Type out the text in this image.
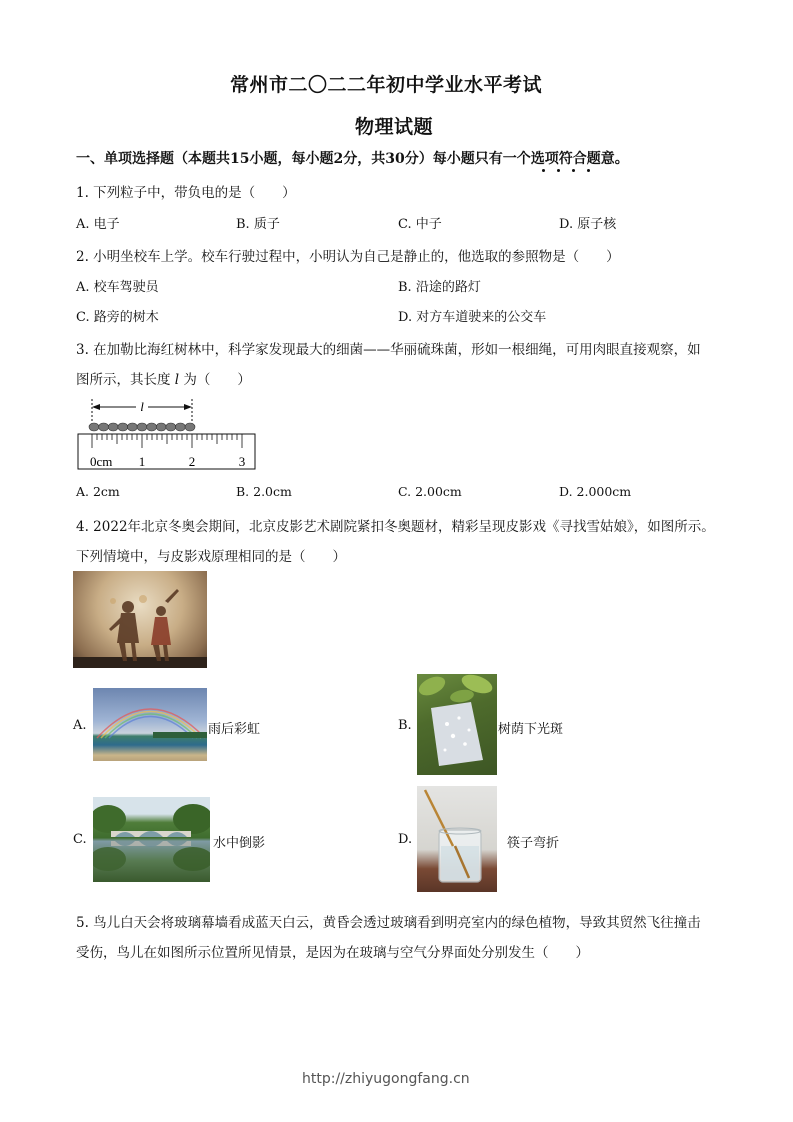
常州市二〇二二年初中学业水平考试
物理试题
一、单项选择题（本题共15小题，每小题2分，共30分）每小题只有一个选项符合题意。
1. 下列粒子中，带负电的是（　　）
A. 电子	B. 质子	C. 中子	D. 原子核
2. 小明坐校车上学。校车行驶过程中，小明认为自己是静止的，他选取的参照物是（　　）
A. 校车驾驶员	B. 沿途的路灯
C. 路旁的树木	D. 对方车道驶来的公交车
3. 在加勒比海红树林中，科学家发现最大的细菌——华丽硫珠菌，形如一根细绳，可用肉眼直接观察，如
图所示，其长度 l 为（　　）
l
0cm 1	2	3
A. 2cm	B. 2.0cm	C. 2.00cm	D. 2.000cm
4. 2022年北京冬奥会期间，北京皮影艺术剧院紧扣冬奥题材，精彩呈现皮影戏《寻找雪姑娘》，如图所示。
下列情境中，与皮影戏原理相同的是（　　）
A.	雨后彩虹	B.	树荫下光斑
C.	水中倒影	D.	筷子弯折
5. 鸟儿白天会将玻璃幕墙看成蓝天白云，黄昏会透过玻璃看到明亮室内的绿色植物，导致其贸然飞往撞击
受伤，鸟儿在如图所示位置所见情景，是因为在玻璃与空气分界面处分别发生（　　）
http://zhiyugongfang.cn
